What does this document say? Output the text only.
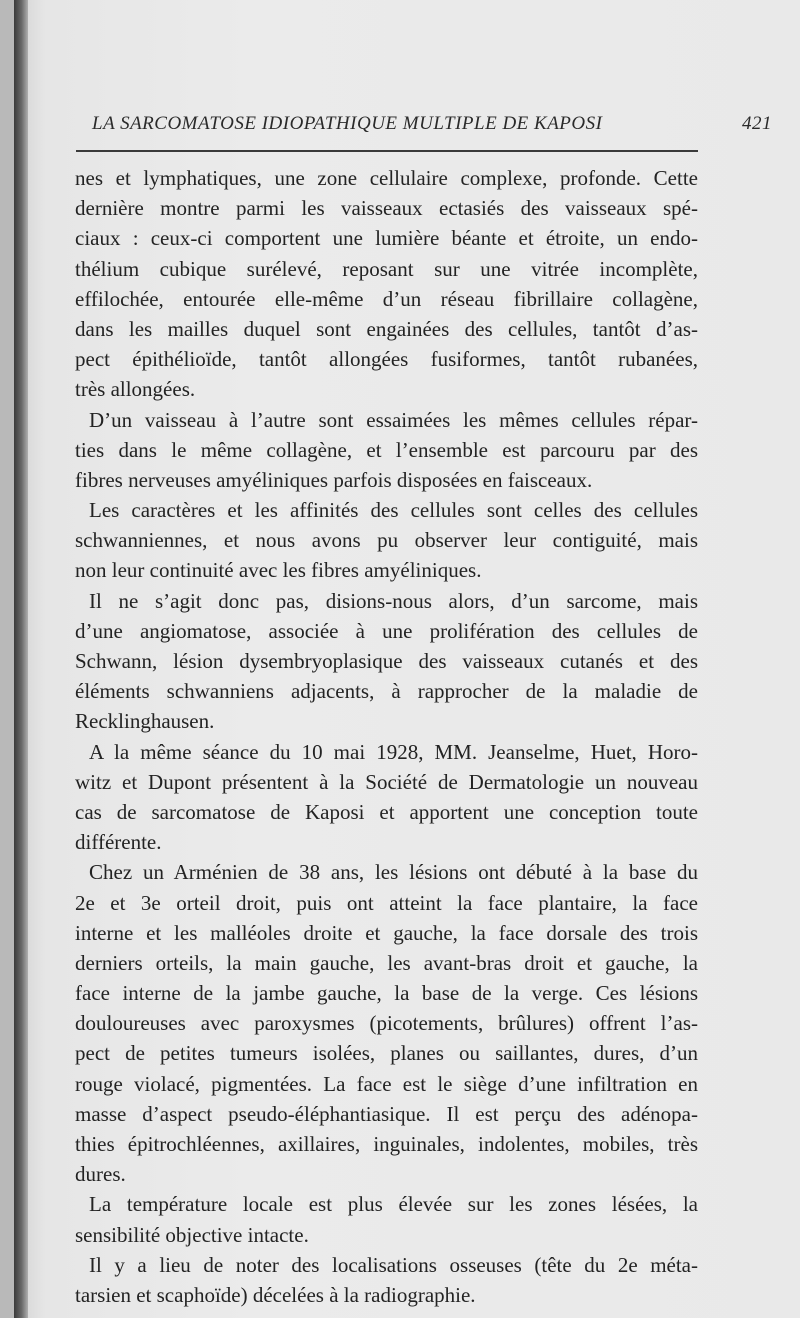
LA SARCOMATOSE IDIOPATHIQUE MULTIPLE DE KAPOSI	421
nes et lymphatiques, une zone cellulaire complexe, profonde. Cette
dernière montre parmi les vaisseaux ectasiés des vaisseaux spé-
ciaux : ceux-ci comportent une lumière béante et étroite, un endo-
thélium cubique surélevé, reposant sur une vitrée incomplète,
effilochée, entourée elle-même d’un réseau fibrillaire collagène,
dans les mailles duquel sont engainées des cellules, tantôt d’as-
pect épithélioïde, tantôt allongées fusiformes, tantôt rubanées,
très allongées.
D’un vaisseau à l’autre sont essaimées les mêmes cellules répar-
ties dans le même collagène, et l’ensemble est parcouru par des
fibres nerveuses amyéliniques parfois disposées en faisceaux.
Les caractères et les affinités des cellules sont celles des cellules
schwanniennes, et nous avons pu observer leur contiguité, mais
non leur continuité avec les fibres amyéliniques.
Il ne s’agit donc pas, disions-nous alors, d’un sarcome, mais
d’une angiomatose, associée à une prolifération des cellules de
Schwann, lésion dysembryoplasique des vaisseaux cutanés et des
éléments schwanniens adjacents, à rapprocher de la maladie de
Recklinghausen.
A la même séance du 10 mai 1928, MM. Jeanselme, Huet, Horo-
witz et Dupont présentent à la Société de Dermatologie un nouveau
cas de sarcomatose de Kaposi et apportent une conception toute
différente.
Chez un Arménien de 38 ans, les lésions ont débuté à la base du
2e et 3e orteil droit, puis ont atteint la face plantaire, la face
interne et les malléoles droite et gauche, la face dorsale des trois
derniers orteils, la main gauche, les avant-bras droit et gauche, la
face interne de la jambe gauche, la base de la verge. Ces lésions
douloureuses avec paroxysmes (picotements, brûlures) offrent l’as-
pect de petites tumeurs isolées, planes ou saillantes, dures, d’un
rouge violacé, pigmentées. La face est le siège d’une infiltration en
masse d’aspect pseudo-éléphantiasique. Il est perçu des adénopa-
thies épitrochléennes, axillaires, inguinales, indolentes, mobiles, très
dures.
La température locale est plus élevée sur les zones lésées, la
sensibilité objective intacte.
Il y a lieu de noter des localisations osseuses (tête du 2e méta-
tarsien et scaphoïde) décelées à la radiographie.
